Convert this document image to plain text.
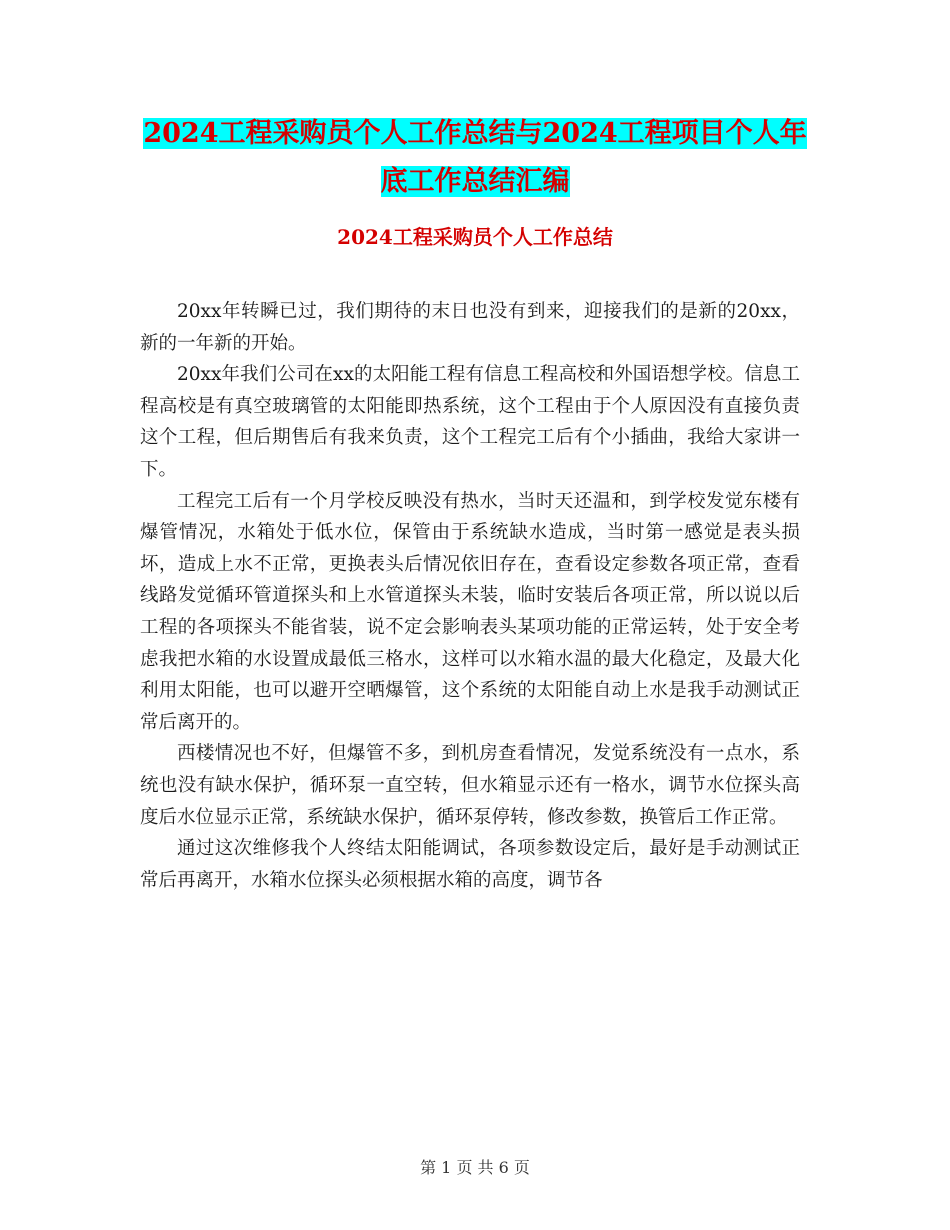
2024工程采购员个人工作总结与2024工程项目个人年
底工作总结汇编
2024工程采购员个人工作总结

20xx年转瞬已过，我们期待的末日也没有到来，迎接我们的是新的20xx，新的一年新的开始。

20xx年我们公司在xx的太阳能工程有信息工程高校和外国语想学校。信息工程高校是有真空玻璃管的太阳能即热系统，这个工程由于个人原因没有直接负责这个工程，但后期售后有我来负责，这个工程完工后有个小插曲，我给大家讲一下。

工程完工后有一个月学校反映没有热水，当时天还温和，到学校发觉东楼有爆管情况，水箱处于低水位，保管由于系统缺水造成，当时第一感觉是表头损坏，造成上水不正常，更换表头后情况依旧存在，查看设定参数各项正常，查看线路发觉循环管道探头和上水管道探头未装，临时安装后各项正常，所以说以后工程的各项探头不能省装，说不定会影响表头某项功能的正常运转，处于安全考虑我把水箱的水设置成最低三格水，这样可以水箱水温的最大化稳定，及最大化利用太阳能，也可以避开空晒爆管，这个系统的太阳能自动上水是我手动测试正常后离开的。

西楼情况也不好，但爆管不多，到机房查看情况，发觉系统没有一点水，系统也没有缺水保护，循环泵一直空转，但水箱显示还有一格水，调节水位探头高度后水位显示正常，系统缺水保护，循环泵停转，修改参数，换管后工作正常。

通过这次维修我个人终结太阳能调试，各项参数设定后，最好是手动测试正常后再离开，水箱水位探头必须根据水箱的高度，调节各

第 1 页 共 6 页
